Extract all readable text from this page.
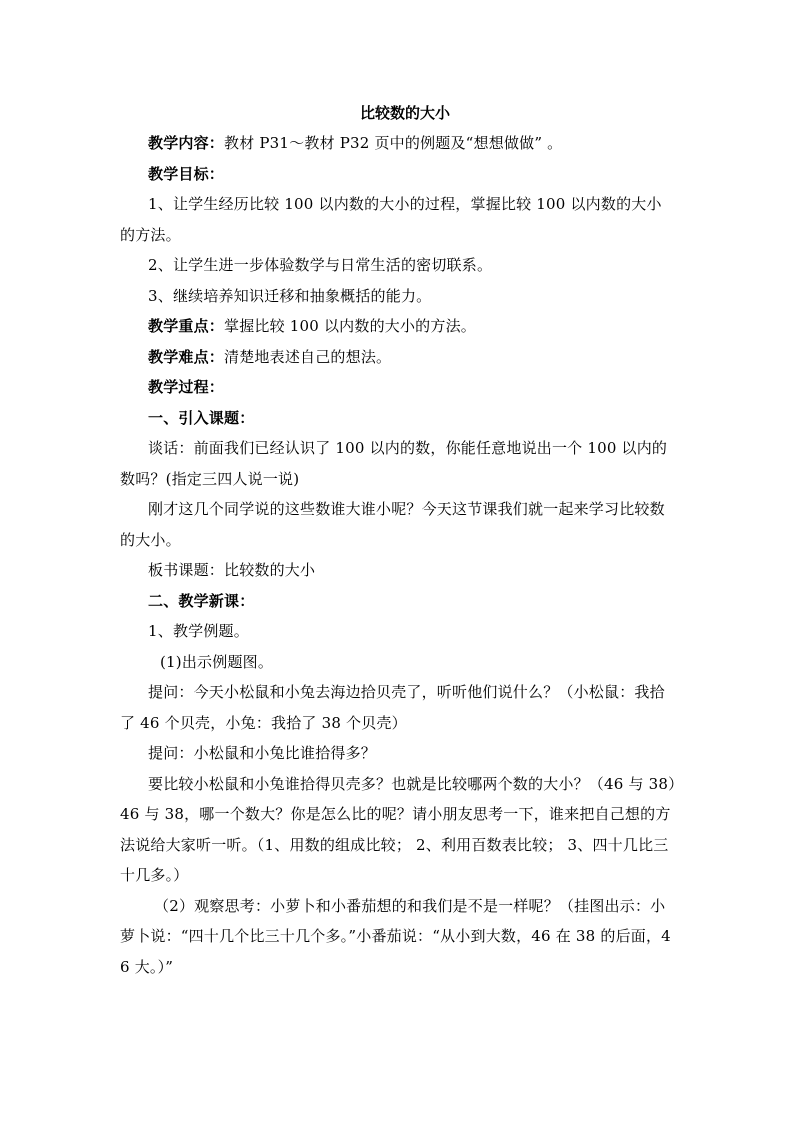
比较数的大小

教学内容：教材 P31～教材 P32 页中的例题及“想想做做” 。

教学目标：

1、让学生经历比较 100 以内数的大小的过程，掌握比较 100 以内数的大小的方法。

2、让学生进一步体验数学与日常生活的密切联系。

3、继续培养知识迁移和抽象概括的能力。

教学重点：掌握比较 100 以内数的大小的方法。

教学难点：清楚地表述自己的想法。

教学过程：

一、引入课题：

谈话：前面我们已经认识了 100 以内的数，你能任意地说出一个 100 以内的数吗？(指定三四人说一说)

刚才这几个同学说的这些数谁大谁小呢？今天这节课我们就一起来学习比较数的大小。

板书课题：比较数的大小

二、教学新课：

1、教学例题。

(1)出示例题图。

提问：今天小松鼠和小兔去海边拾贝壳了，听听他们说什么？（小松鼠：我拾了 46 个贝壳，小兔：我拾了 38 个贝壳）

提问：小松鼠和小兔比谁拾得多？

要比较小松鼠和小兔谁拾得贝壳多？也就是比较哪两个数的大小？（46 与 38）46 与 38，哪一个数大？你是怎么比的呢？请小朋友思考一下，谁来把自己想的方法说给大家听一听。（1、用数的组成比较； 2、利用百数表比较； 3、四十几比三十几多。）

（2）观察思考：小萝卜和小番茄想的和我们是不是一样呢？（挂图出示：小萝卜说：“四十几个比三十几个多。”小番茄说：“从小到大数，46 在 38 的后面，46 大。）”
